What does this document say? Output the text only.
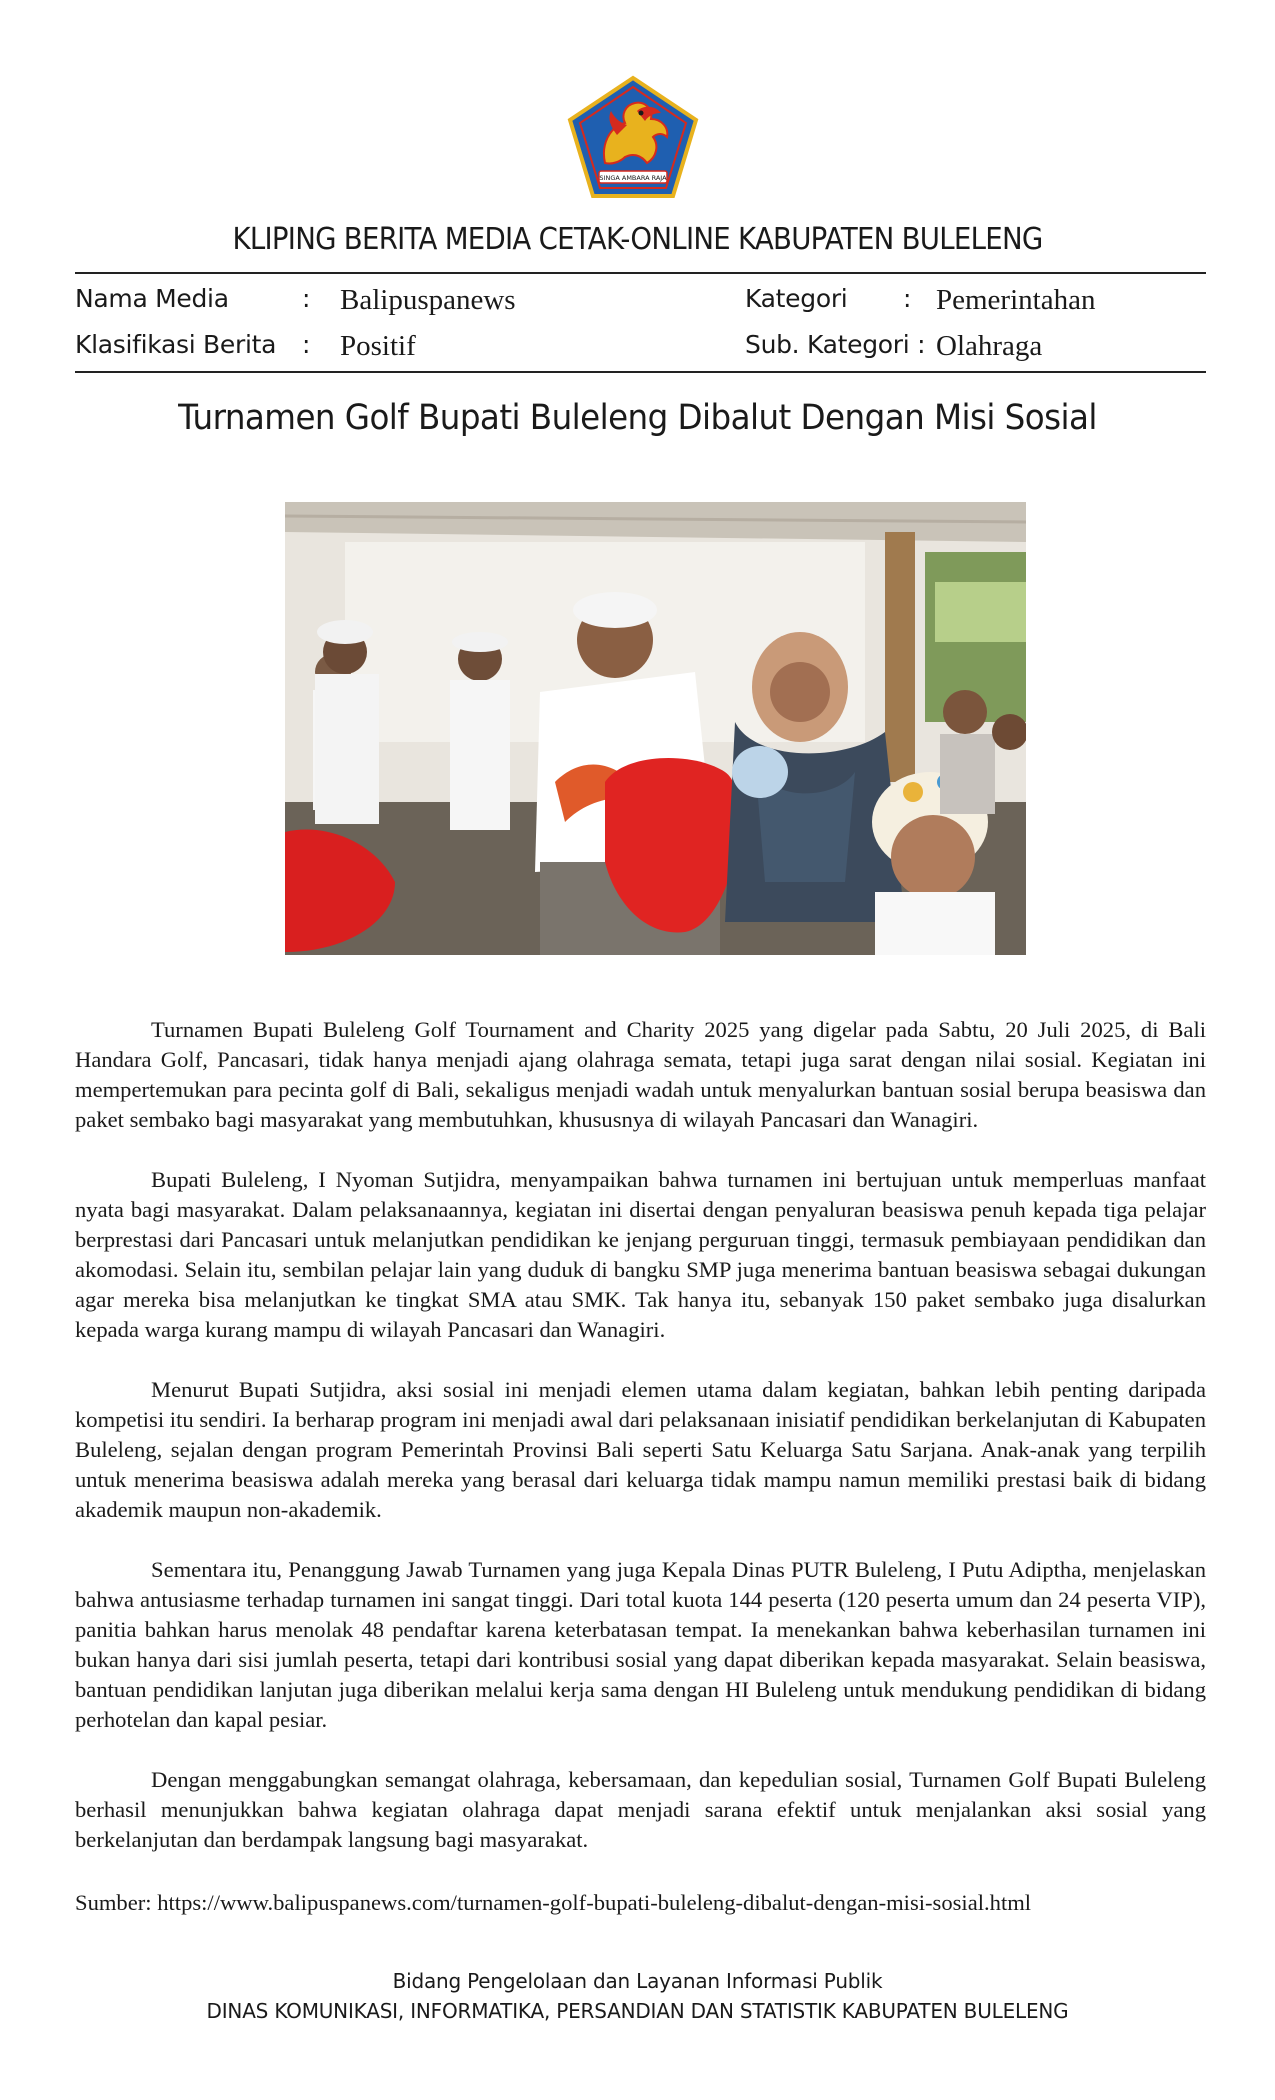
SINGA AMBARA RAJA
KLIPING BERITA MEDIA CETAK-ONLINE KABUPATEN BULELENG
Nama Media	: Balipuspanews
Klasifikasi Berita : Positif
Kategori : Pemerintahan
Sub. Kategori : Olahraga
Turnamen Golf Bupati Buleleng Dibalut Dengan Misi Sosial

Turnamen Bupati Buleleng Golf Tournament and Charity 2025 yang digelar pada Sabtu, 20 Juli 2025, di Bali Handara Golf, Pancasari, tidak hanya menjadi ajang olahraga semata, tetapi juga sarat dengan nilai sosial. Kegiatan ini mempertemukan para pecinta golf di Bali, sekaligus menjadi wadah untuk menyalurkan bantuan sosial berupa beasiswa dan paket sembako bagi masyarakat yang membutuhkan, khususnya di wilayah Pancasari dan Wanagiri.

Bupati Buleleng, I Nyoman Sutjidra, menyampaikan bahwa turnamen ini bertujuan untuk memperluas manfaat nyata bagi masyarakat. Dalam pelaksanaannya, kegiatan ini disertai dengan penyaluran beasiswa penuh kepada tiga pelajar berprestasi dari Pancasari untuk melanjutkan pendidikan ke jenjang perguruan tinggi, termasuk pembiayaan pendidikan dan akomodasi. Selain itu, sembilan pelajar lain yang duduk di bangku SMP juga menerima bantuan beasiswa sebagai dukungan agar mereka bisa melanjutkan ke tingkat SMA atau SMK. Tak hanya itu, sebanyak 150 paket sembako juga disalurkan kepada warga kurang mampu di wilayah Pancasari dan Wanagiri.

Menurut Bupati Sutjidra, aksi sosial ini menjadi elemen utama dalam kegiatan, bahkan lebih penting daripada kompetisi itu sendiri. Ia berharap program ini menjadi awal dari pelaksanaan inisiatif pendidikan berkelanjutan di Kabupaten Buleleng, sejalan dengan program Pemerintah Provinsi Bali seperti Satu Keluarga Satu Sarjana. Anak-anak yang terpilih untuk menerima beasiswa adalah mereka yang berasal dari keluarga tidak mampu namun memiliki prestasi baik di bidang akademik maupun non-akademik.

Sementara itu, Penanggung Jawab Turnamen yang juga Kepala Dinas PUTR Buleleng, I Putu Adiptha, menjelaskan bahwa antusiasme terhadap turnamen ini sangat tinggi. Dari total kuota 144 peserta (120 peserta umum dan 24 peserta VIP), panitia bahkan harus menolak 48 pendaftar karena keterbatasan tempat. Ia menekankan bahwa keberhasilan turnamen ini bukan hanya dari sisi jumlah peserta, tetapi dari kontribusi sosial yang dapat diberikan kepada masyarakat. Selain beasiswa, bantuan pendidikan lanjutan juga diberikan melalui kerja sama dengan HI Buleleng untuk mendukung pendidikan di bidang perhotelan dan kapal pesiar.

Dengan menggabungkan semangat olahraga, kebersamaan, dan kepedulian sosial, Turnamen Golf Bupati Buleleng berhasil menunjukkan bahwa kegiatan olahraga dapat menjadi sarana efektif untuk menjalankan aksi sosial yang berkelanjutan dan berdampak langsung bagi masyarakat.

Sumber: https://www.balipuspanews.com/turnamen-golf-bupati-buleleng-dibalut-dengan-misi-sosial.html
Bidang Pengelolaan dan Layanan Informasi Publik
DINAS KOMUNIKASI, INFORMATIKA, PERSANDIAN DAN STATISTIK KABUPATEN BULELENG
